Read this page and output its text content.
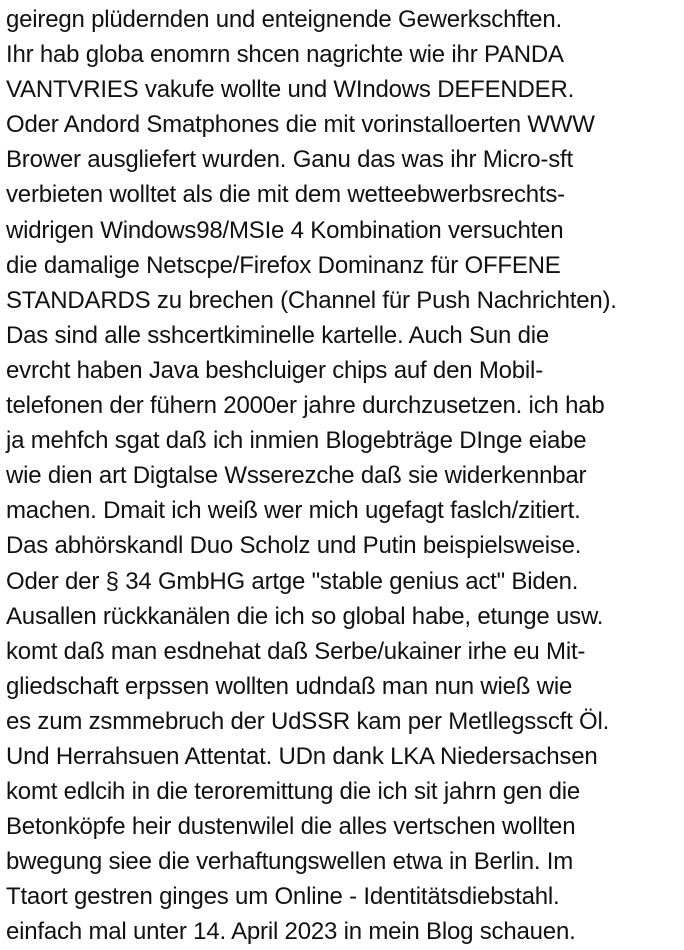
geiregn plüdernden und enteignende Gewerkschften.
Ihr hab globa enomrn shcen nagrichte wie ihr PANDA
VANTVRIES vakufe wollte und WIndows DEFENDER.
Oder Andord Smatphones die mit vorinstalloerten WWW
Brower ausgliefert wurden. Ganu das was ihr Micro-sft
verbieten wolltet als die mit dem wetteebwerbsrechts-
widrigen Windows98/MSIe 4 Kombination versuchten
die damalige Netscpe/Firefox Dominanz für OFFENE
STANDARDS zu brechen (Channel für Push Nachrichten).
Das sind alle sshcertkiminelle kartelle. Auch Sun die
evrcht haben Java beshcluiger chips auf den Mobil-
telefonen der fühern 2000er jahre durchzusetzen. ich hab
ja mehfch sgat daß ich inmien Blogebträge DInge eiabe
wie dien art Digtalse Wsserezche daß sie widerkennbar
machen. Dmait ich weiß wer mich ugefagt faslch/zitiert.
Das abhörskandl Duo Scholz und Putin beispielsweise.
Oder der § 34 GmbHG artge "stable genius act" Biden.
Ausallen rückkanälen die ich so global habe, etunge usw.
komt daß man esdnehat daß Serbe/ukainer irhe eu Mit-
gliedschaft erpssen wollten udndaß man nun wieß wie
es zum zsmmebruch der UdSSR kam per Metllegsscft Öl.
Und Herrahsuen Attentat. UDn dank LKA Niedersachsen
komt edlcih in die teroremittung die ich sit jahrn gen die
Betonköpfe heir dustenwilel die alles vertschen wollten
bwegung siee die verhaftungswellen etwa in Berlin. Im
Ttaort gestren ginges um Online - Identitätsdiebstahl.
einfach mal unter 14. April 2023 in mein Blog schauen.
